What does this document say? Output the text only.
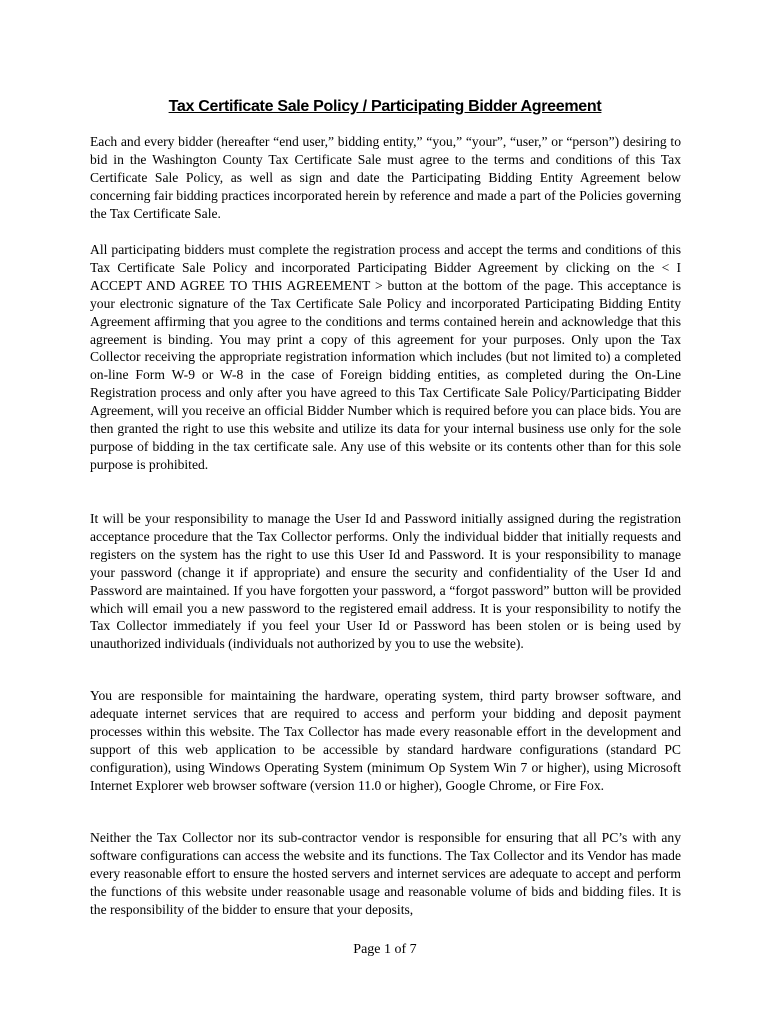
Tax Certificate Sale Policy / Participating Bidder Agreement

Each and every bidder (hereafter “end user,” bidding entity,” “you,” “your”, “user,” or “person”) desiring to bid in the Washington County Tax Certificate Sale must agree to the terms and conditions of this Tax Certificate Sale Policy, as well as sign and date the Participating Bidding Entity Agreement below concerning fair bidding practices incorporated herein by reference and made a part of the Policies governing the Tax Certificate Sale.

All participating bidders must complete the registration process and accept the terms and conditions of this Tax Certificate Sale Policy and incorporated Participating Bidder Agreement by clicking on the < I ACCEPT AND AGREE TO THIS AGREEMENT > button at the bottom of the page. This acceptance is your electronic signature of the Tax Certificate Sale Policy and incorporated Participating Bidding Entity Agreement affirming that you agree to the conditions and terms contained herein and acknowledge that this agreement is binding. You may print a copy of this agreement for your purposes. Only upon the Tax Collector receiving the appropriate registration information which includes (but not limited to) a completed on-line Form W-9 or W-8 in the case of Foreign bidding entities, as completed during the On-Line Registration process and only after you have agreed to this Tax Certificate Sale Policy/Participating Bidder Agreement, will you receive an official Bidder Number which is required before you can place bids. You are then granted the right to use this website and utilize its data for your internal business use only for the sole purpose of bidding in the tax certificate sale. Any use of this website or its contents other than for this sole purpose is prohibited.

It will be your responsibility to manage the User Id and Password initially assigned during the registration acceptance procedure that the Tax Collector performs. Only the individual bidder that initially requests and registers on the system has the right to use this User Id and Password. It is your responsibility to manage your password (change it if appropriate) and ensure the security and confidentiality of the User Id and Password are maintained. If you have forgotten your password, a “forgot password” button will be provided which will email you a new password to the registered email address. It is your responsibility to notify the Tax Collector immediately if you feel your User Id or Password has been stolen or is being used by unauthorized individuals (individuals not authorized by you to use the website).

You are responsible for maintaining the hardware, operating system, third party browser software, and adequate internet services that are required to access and perform your bidding and deposit payment processes within this website. The Tax Collector has made every reasonable effort in the development and support of this web application to be accessible by standard hardware configurations (standard PC configuration), using Windows Operating System (minimum Op System Win 7 or higher), using Microsoft Internet Explorer web browser software (version 11.0 or higher), Google Chrome, or Fire Fox.

Neither the Tax Collector nor its sub-contractor vendor is responsible for ensuring that all PC’s with any software configurations can access the website and its functions. The Tax Collector and its Vendor has made every reasonable effort to ensure the hosted servers and internet services are adequate to accept and perform the functions of this website under reasonable usage and reasonable volume of bids and bidding files. It is the responsibility of the bidder to ensure that your deposits,

Page 1 of 7
